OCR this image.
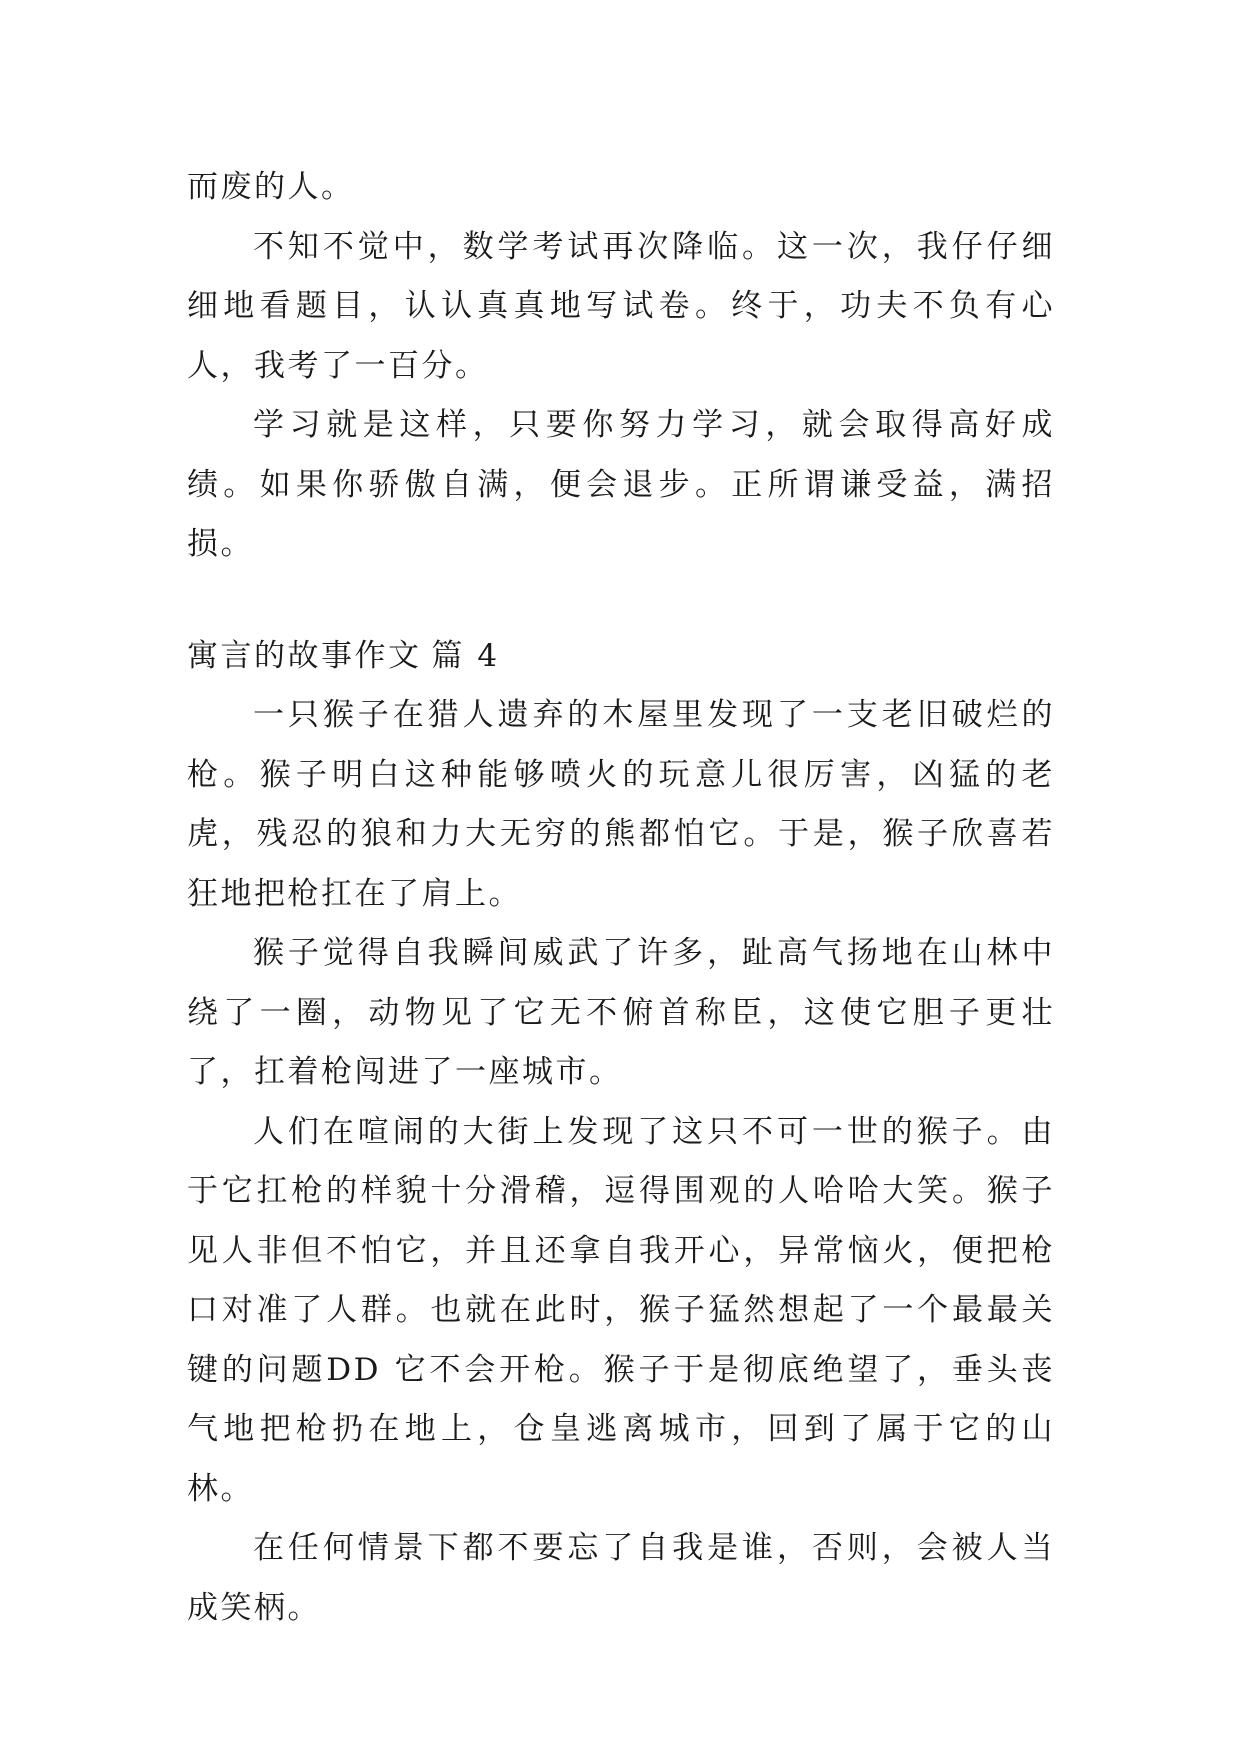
而废的人。

不知不觉中，数学考试再次降临。这一次，我仔仔细细地看题目，认认真真地写试卷。终于，功夫不负有心人，我考了一百分。

学习就是这样，只要你努力学习，就会取得高好成绩。如果你骄傲自满，便会退步。正所谓谦受益，满招损。

寓言的故事作文 篇 4

一只猴子在猎人遗弃的木屋里发现了一支老旧破烂的枪。猴子明白这种能够喷火的玩意儿很厉害，凶猛的老虎，残忍的狼和力大无穷的熊都怕它。于是，猴子欣喜若狂地把枪扛在了肩上。

猴子觉得自我瞬间威武了许多，趾高气扬地在山林中绕了一圈，动物见了它无不俯首称臣，这使它胆子更壮了，扛着枪闯进了一座城市。

人们在喧闹的大街上发现了这只不可一世的猴子。由于它扛枪的样貌十分滑稽，逗得围观的人哈哈大笑。猴子见人非但不怕它，并且还拿自我开心，异常恼火，便把枪口对准了人群。也就在此时，猴子猛然想起了一个最最关键的问题DD 它不会开枪。猴子于是彻底绝望了，垂头丧气地把枪扔在地上，仓皇逃离城市，回到了属于它的山林。

在任何情景下都不要忘了自我是谁，否则，会被人当成笑柄。
